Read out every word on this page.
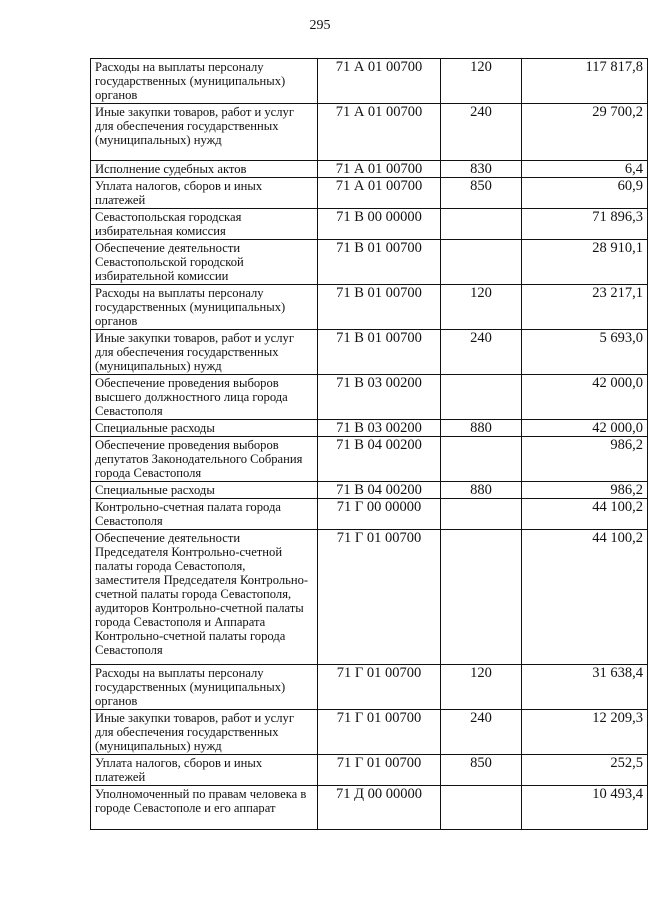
295
Расходы на выплаты персоналу государственных (муниципальных) органов	71 А 01 00700	120	117 817,8
Иные закупки товаров, работ и услуг для обеспечения государственных (муниципальных) нужд	71 А 01 00700	240	29 700,2
Исполнение судебных актов	71 А 01 00700	830	6,4
Уплата налогов, сборов и иных платежей	71 А 01 00700	850	60,9
Севастопольская городская избирательная комиссия	71 В 00 00000		71 896,3
Обеспечение деятельности Севастопольской городской избирательной комиссии	71 В 01 00700		28 910,1
Расходы на выплаты персоналу государственных (муниципальных) органов	71 В 01 00700	120	23 217,1
Иные закупки товаров, работ и услуг для обеспечения государственных (муниципальных) нужд	71 В 01 00700	240	5 693,0
Обеспечение проведения выборов высшего должностного лица города Севастополя	71 В 03 00200		42 000,0
Специальные расходы	71 В 03 00200	880	42 000,0
Обеспечение проведения выборов депутатов Законодательного Собрания города Севастополя	71 В 04 00200		986,2
Специальные расходы	71 В 04 00200	880	986,2
Контрольно-счетная палата города Севастополя	71 Г 00 00000		44 100,2
Обеспечение деятельности Председателя Контрольно-счетной палаты города Севастополя, заместителя Председателя Контрольно-счетной палаты города Севастополя, аудиторов Контрольно-счетной палаты города Севастополя и Аппарата Контрольно-счетной палаты города Севастополя	71 Г 01 00700		44 100,2
Расходы на выплаты персоналу государственных (муниципальных) органов	71 Г 01 00700	120	31 638,4
Иные закупки товаров, работ и услуг для обеспечения государственных (муниципальных) нужд	71 Г 01 00700	240	12 209,3
Уплата налогов, сборов и иных платежей	71 Г 01 00700	850	252,5
Уполномоченный по правам человека в городе Севастополе и его аппарат	71 Д 00 00000		10 493,4
